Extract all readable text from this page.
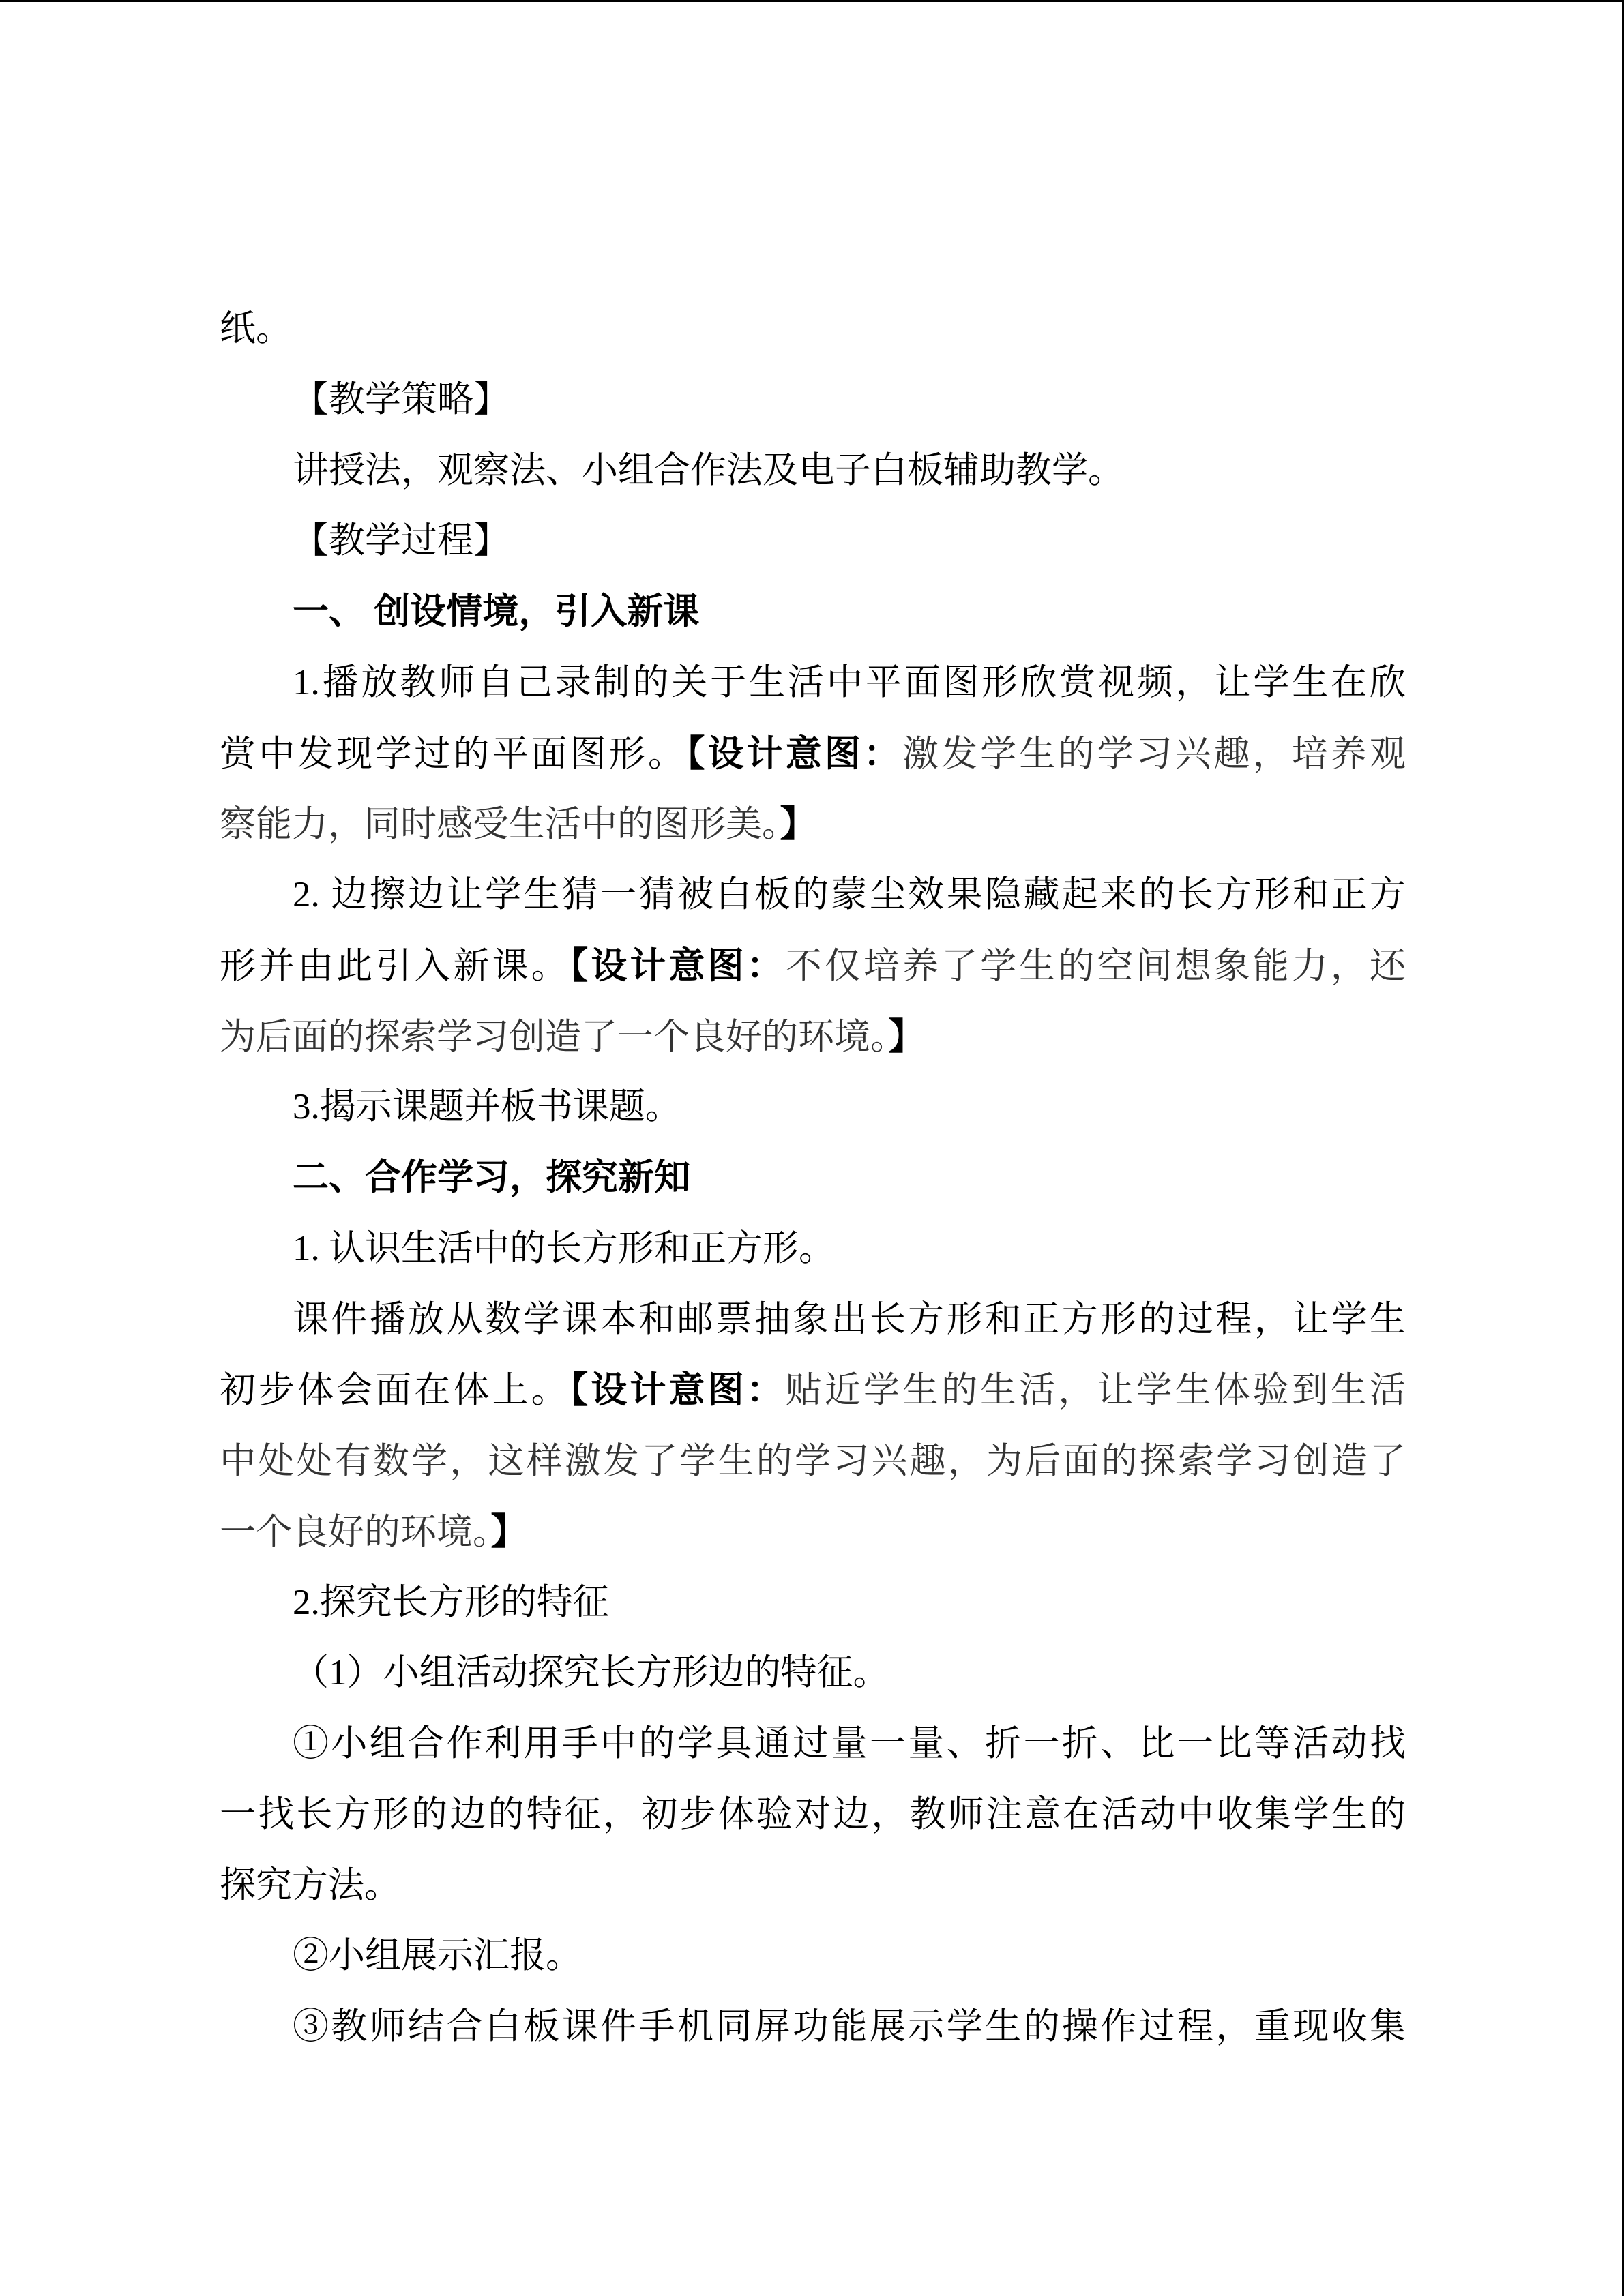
纸。
【教学策略】
讲授法，观察法、小组合作法及电子白板辅助教学。
【教学过程】
一、 创设情境，引入新课
1.播放教师自己录制的关于生活中平面图形欣赏视频，让学生在欣
赏中发现学过的平面图形。【设计意图：激发学生的学习兴趣，培养观
察能力，同时感受生活中的图形美。】
2. 边擦边让学生猜一猜被白板的蒙尘效果隐藏起来的长方形和正方
形并由此引入新课。【设计意图：不仅培养了学生的空间想象能力，还
为后面的探索学习创造了一个良好的环境。】
3.揭示课题并板书课题。
二、合作学习，探究新知
1. 认识生活中的长方形和正方形。
课件播放从数学课本和邮票抽象出长方形和正方形的过程，让学生
初步体会面在体上。【设计意图：贴近学生的生活，让学生体验到生活
中处处有数学，这样激发了学生的学习兴趣，为后面的探索学习创造了
一个良好的环境。】
2.探究长方形的特征
（1）小组活动探究长方形边的特征。
①小组合作利用手中的学具通过量一量、折一折、比一比等活动找
一找长方形的边的特征，初步体验对边，教师注意在活动中收集学生的
探究方法。
②小组展示汇报。
③教师结合白板课件手机同屏功能展示学生的操作过程，重现收集
